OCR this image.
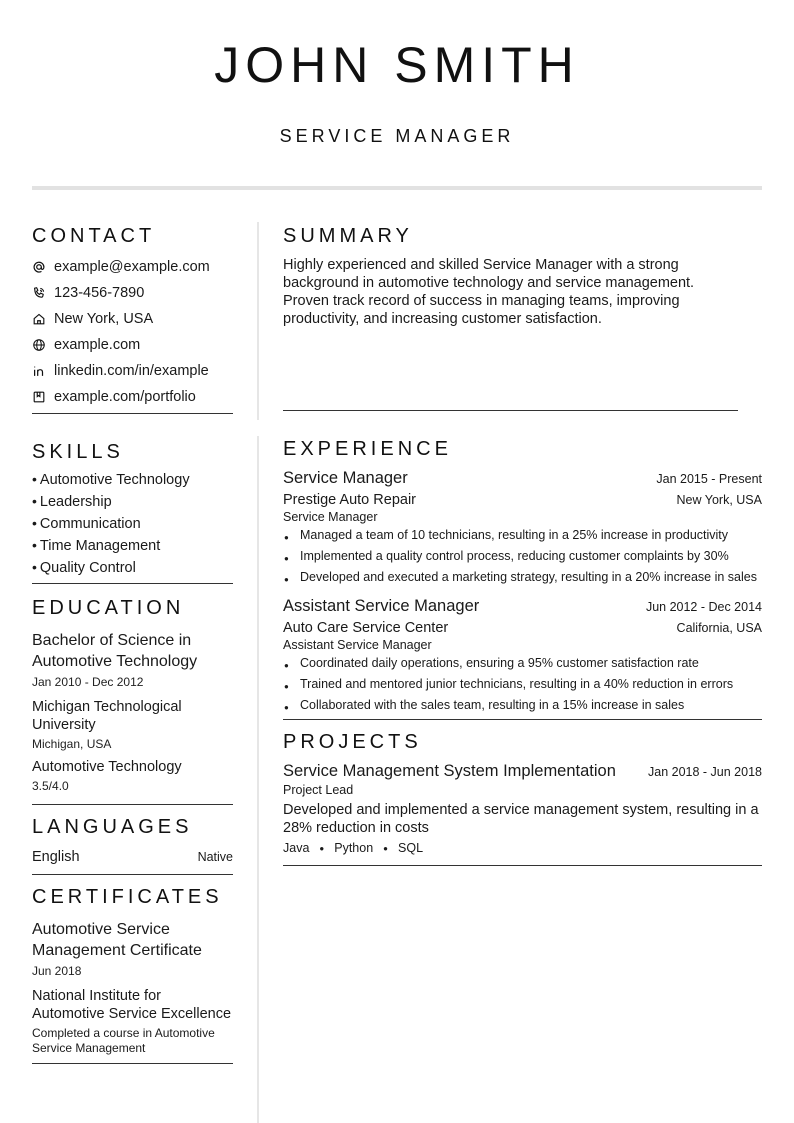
JOHN SMITH
SERVICE MANAGER
CONTACT
example@example.com
123-456-7890
New York, USA
example.com
linkedin.com/in/example
example.com/portfolio
SKILLS
• Automotive Technology
• Leadership
• Communication
• Time Management
• Quality Control
EDUCATION
Bachelor of Science in Automotive Technology
Jan 2010 - Dec 2012
Michigan Technological University
Michigan, USA
Automotive Technology
3.5/4.0
LANGUAGES
English	Native
CERTIFICATES
Automotive Service Management Certificate
Jun 2018
National Institute for Automotive Service Excellence
Completed a course in Automotive Service Management
SUMMARY
Highly experienced and skilled Service Manager with a strong background in automotive technology and service management. Proven track record of success in managing teams, improving productivity, and increasing customer satisfaction.
EXPERIENCE
Service Manager	Jan 2015 - Present
Prestige Auto Repair	New York, USA
Service Manager
● Managed a team of 10 technicians, resulting in a 25% increase in productivity
● Implemented a quality control process, reducing customer complaints by 30%
● Developed and executed a marketing strategy, resulting in a 20% increase in sales
Assistant Service Manager	Jun 2012 - Dec 2014
Auto Care Service Center	California, USA
Assistant Service Manager
● Coordinated daily operations, ensuring a 95% customer satisfaction rate
● Trained and mentored junior technicians, resulting in a 40% reduction in errors
● Collaborated with the sales team, resulting in a 15% increase in sales
PROJECTS
Service Management System Implementation	Jan 2018 - Jun 2018
Project Lead
Developed and implemented a service management system, resulting in a 28% reduction in costs
Java ● Python ● SQL
